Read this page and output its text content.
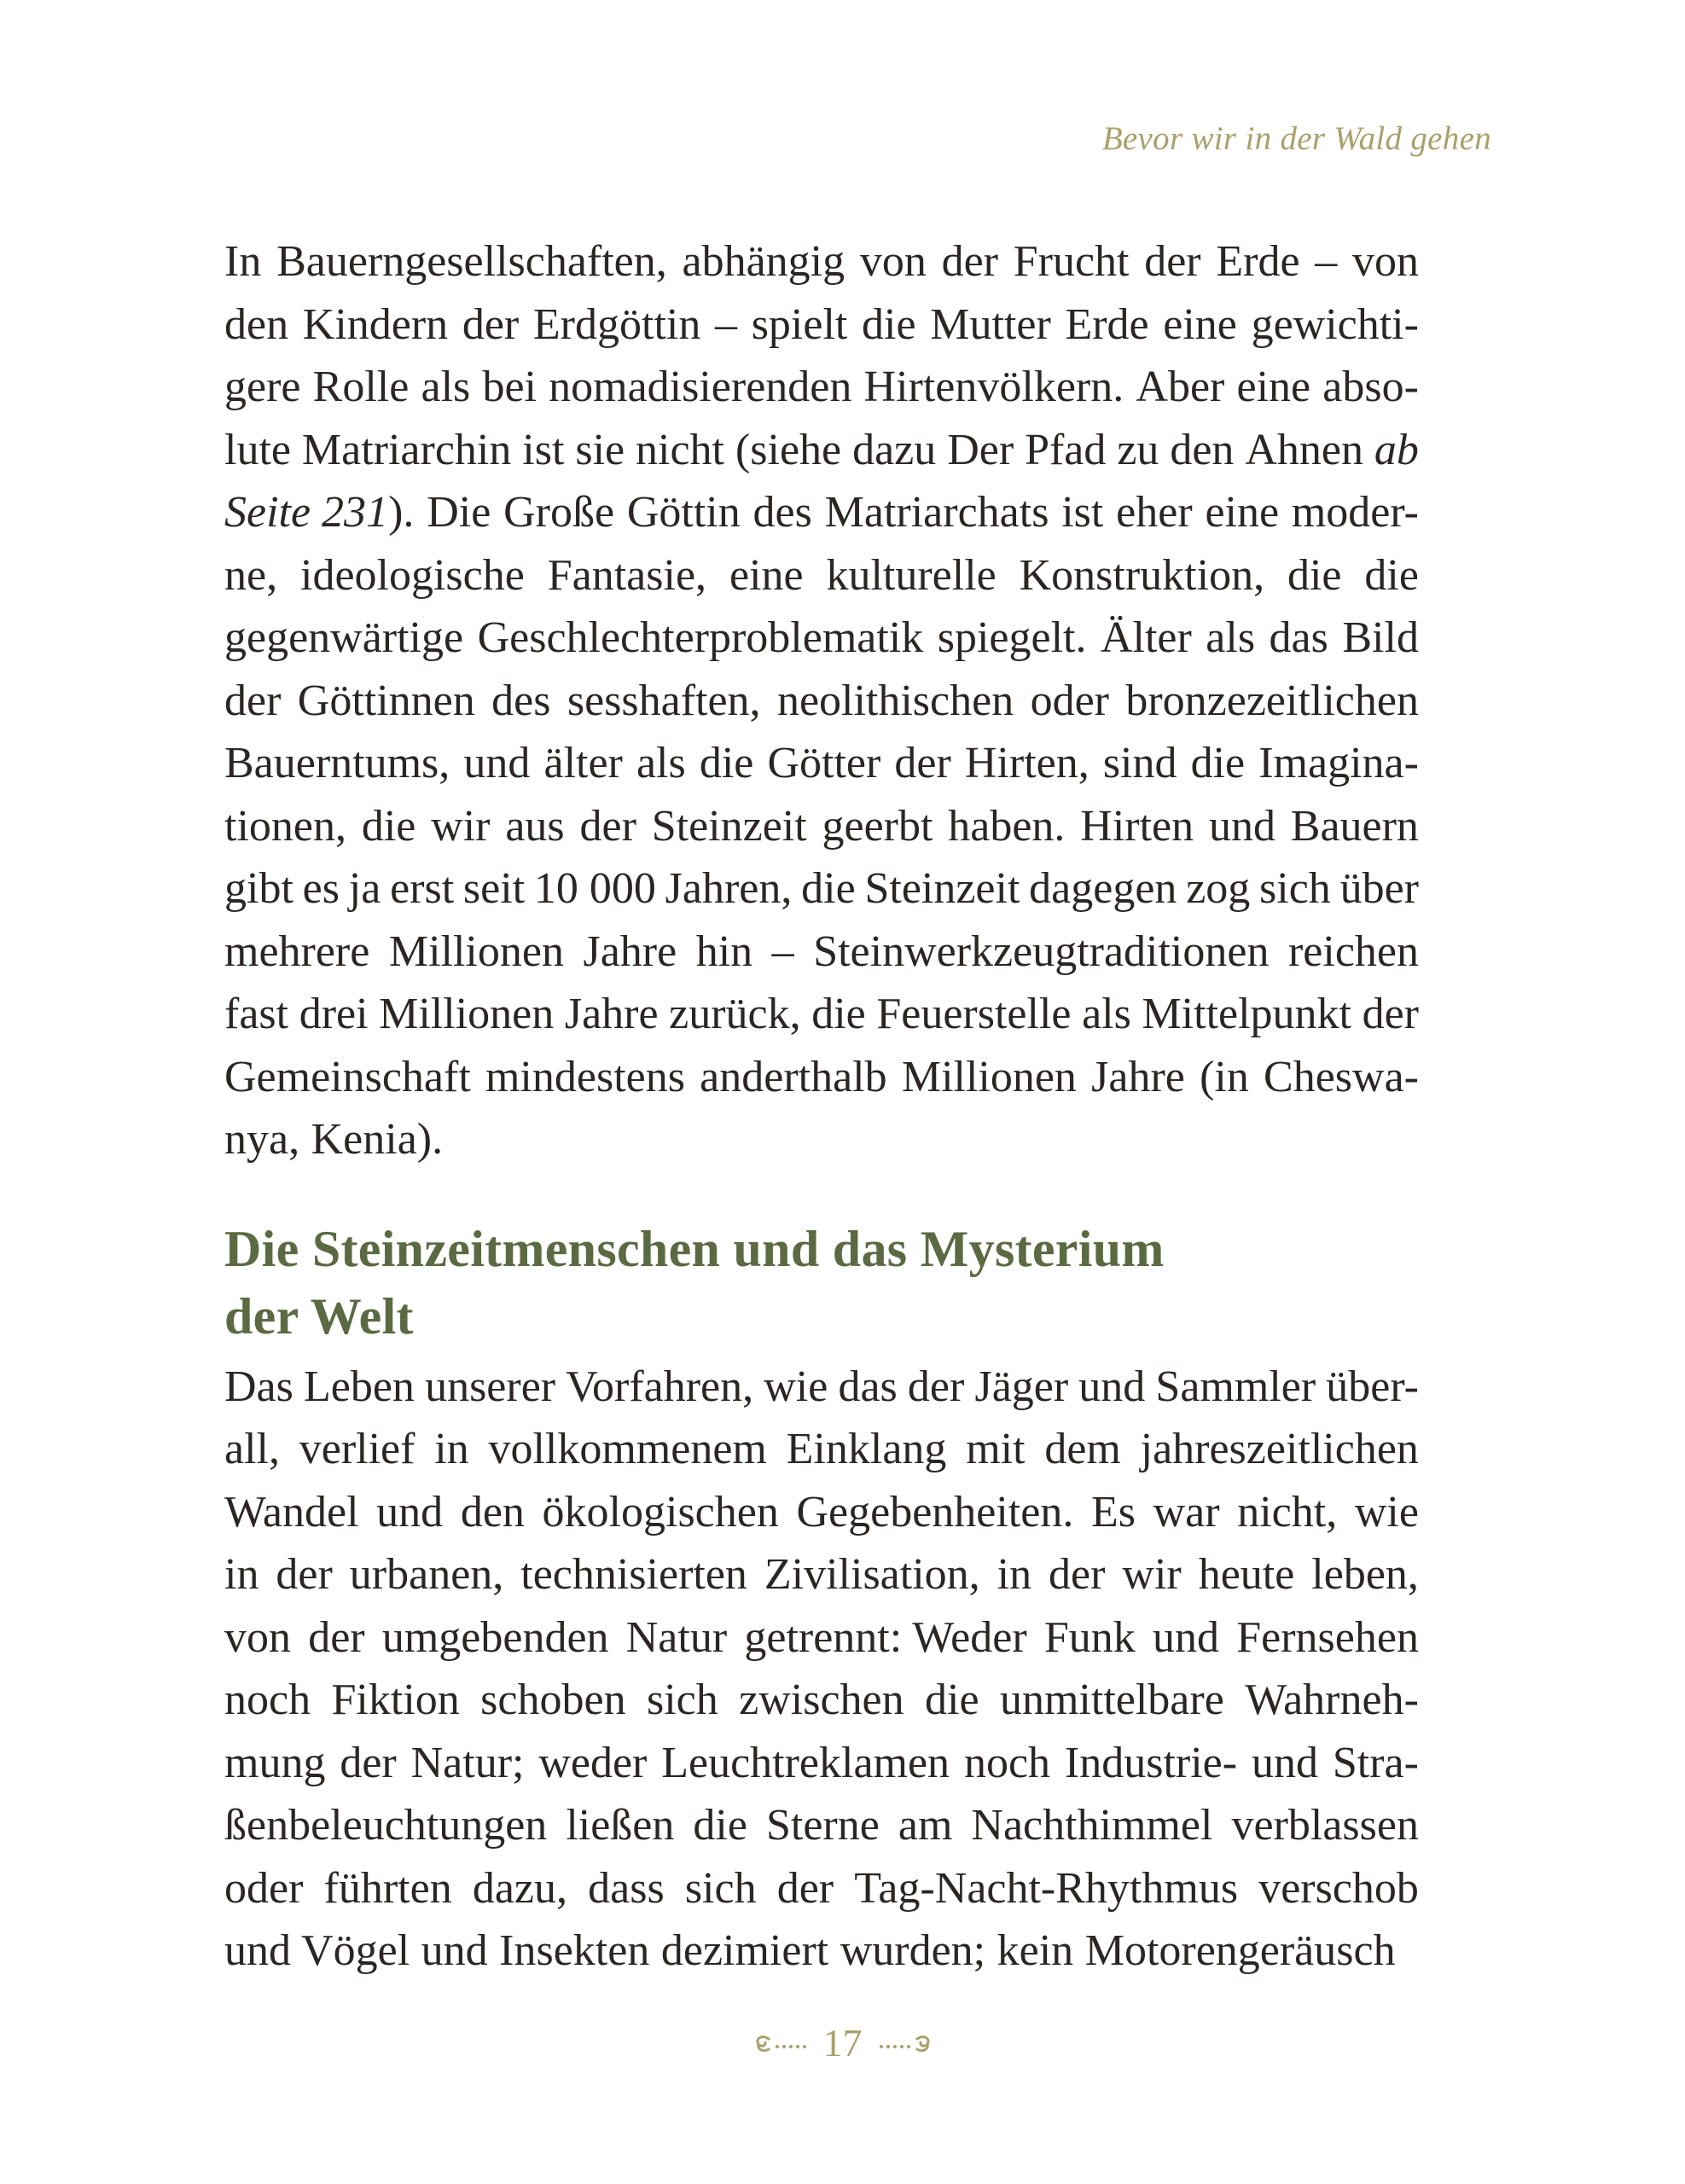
Bevor wir in der Wald gehen
In Bauerngesellschaften, abhängig von der Frucht der Erde – von
den Kindern der Erdgöttin – spielt die Mutter Erde eine gewichti-
gere Rolle als bei nomadisierenden Hirtenvölkern. Aber eine abso-
lute Matriarchin ist sie nicht (siehe dazu Der Pfad zu den Ahnen ab
Seite 231). Die Große Göttin des Matriarchats ist eher eine moder-
ne, ideologische Fantasie, eine kulturelle Konstruktion, die die
gegenwärtige Geschlechterproblematik spiegelt. Älter als das Bild
der Göttinnen des sesshaften, neolithischen oder bronzezeitlichen
Bauerntums, und älter als die Götter der Hirten, sind die Imagina-
tionen, die wir aus der Steinzeit geerbt haben. Hirten und Bauern
gibt es ja erst seit 10 000 Jahren, die Steinzeit dagegen zog sich über
mehrere Millionen Jahre hin – Steinwerkzeugtraditionen reichen
fast drei Millionen Jahre zurück, die Feuerstelle als Mittelpunkt der
Gemeinschaft mindestens anderthalb Millionen Jahre (in Cheswa-
nya, Kenia).
Die Steinzeitmenschen und das Mysterium
der Welt
Das Leben unserer Vorfahren, wie das der Jäger und Sammler über-
all, verlief in vollkommenem Einklang mit dem jahreszeitlichen
Wandel und den ökologischen Gegebenheiten. Es war nicht, wie
in der urbanen, technisierten Zivilisation, in der wir heute leben,
von der umgebenden Natur getrennt: Weder Funk und Fernsehen
noch Fiktion schoben sich zwischen die unmittelbare Wahrneh-
mung der Natur; weder Leuchtreklamen noch Industrie- und Stra-
ßenbeleuchtungen ließen die Sterne am Nachthimmel verblassen
oder führten dazu, dass sich der Tag-Nacht-Rhythmus verschob
und Vögel und Insekten dezimiert wurden; kein Motorengeräusch
17
